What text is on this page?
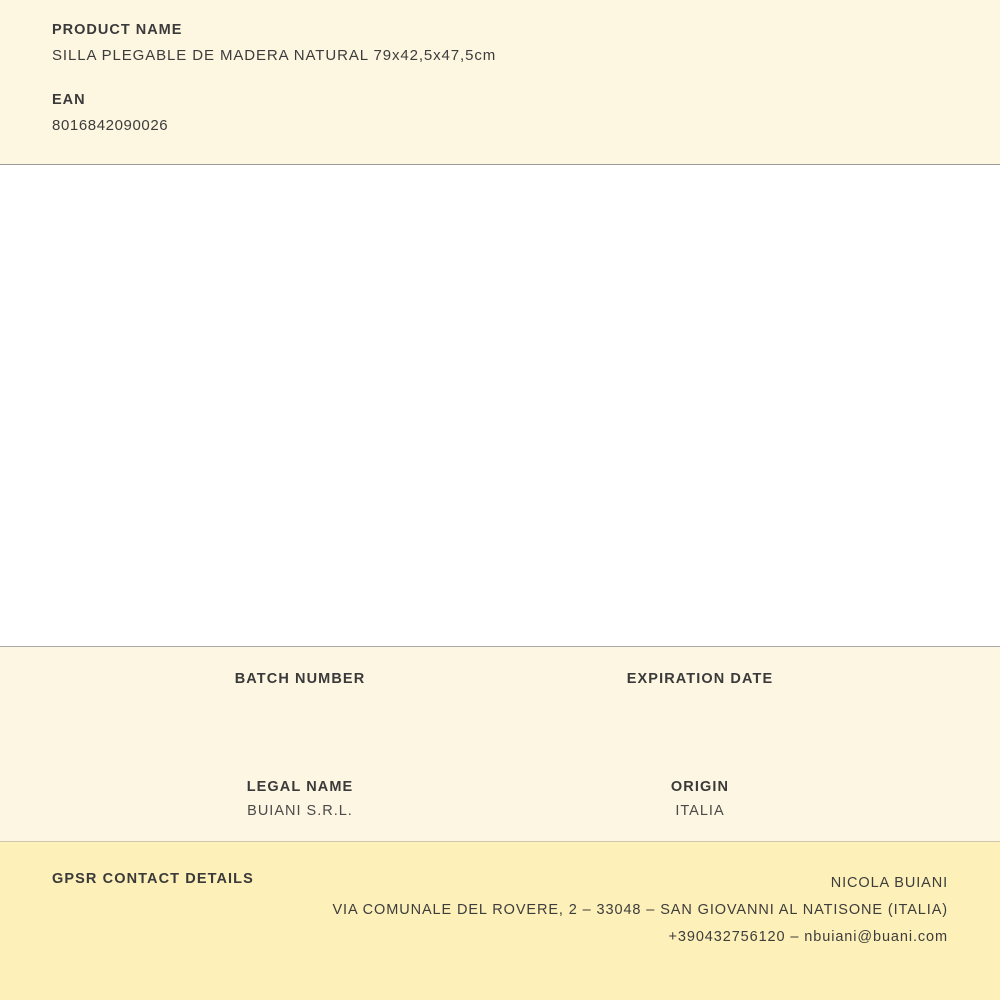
PRODUCT NAME

SILLA PLEGABLE DE MADERA NATURAL 79x42,5x47,5cm

EAN

8016842090026

BATCH NUMBER	EXPIRATION DATE

LEGAL NAME

BUIANI S.R.L.

ORIGIN

ITALIA

GPSR CONTACT DETAILS	NICOLA BUIANI
VIA COMUNALE DEL ROVERE, 2 – 33048 – SAN GIOVANNI AL NATISONE (ITALIA)
+390432756120 – nbuiani@buani.com
